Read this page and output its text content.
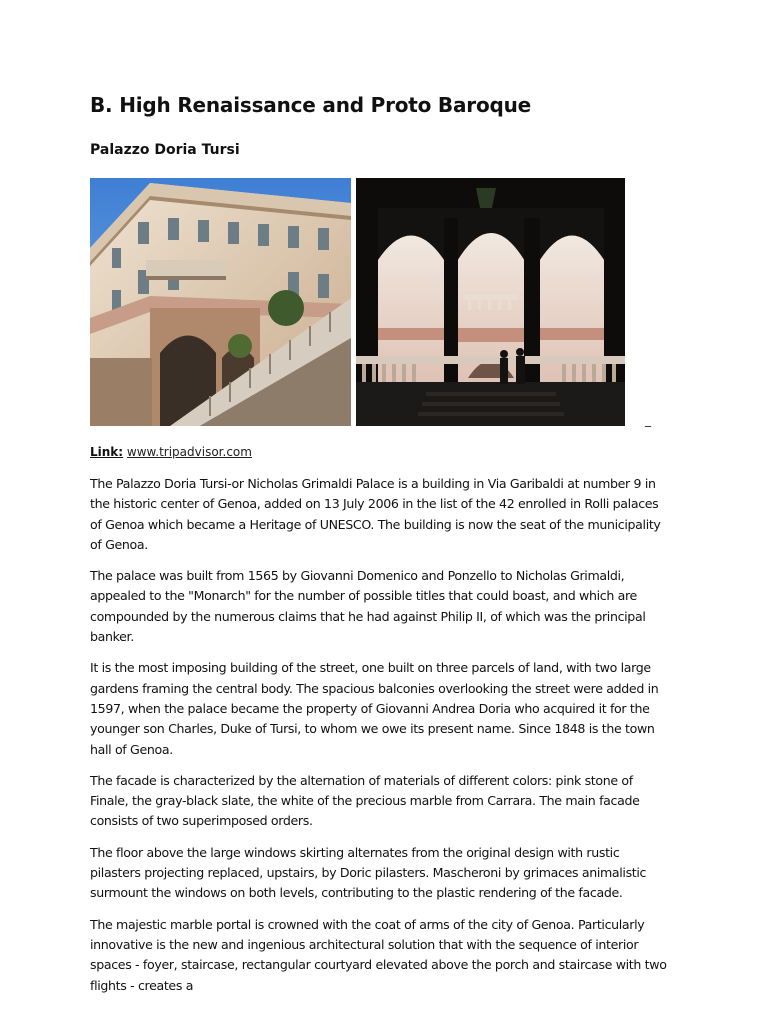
B. High Renaissance and Proto Baroque
Palazzo Doria Tursi
_
Link: www.tripadvisor.com

The Palazzo Doria Tursi-or Nicholas Grimaldi Palace is a building in Via Garibaldi at number 9 in the historic center of Genoa, added on 13 July 2006 in the list of the 42 enrolled in Rolli palaces of Genoa which became a Heritage of UNESCO. The building is now the seat of the municipality of Genoa.

The palace was built from 1565 by Giovanni Domenico and Ponzello to Nicholas Grimaldi, appealed to the "Monarch" for the number of possible titles that could boast, and which are compounded by the numerous claims that he had against Philip II, of which was the principal banker.

It is the most imposing building of the street, one built on three parcels of land, with two large gardens framing the central body. The spacious balconies overlooking the street were added in 1597, when the palace became the property of Giovanni Andrea Doria who acquired it for the younger son Charles, Duke of Tursi, to whom we owe its present name. Since 1848 is the town hall of Genoa.

The facade is characterized by the alternation of materials of different colors: pink stone of Finale, the gray-black slate, the white of the precious marble from Carrara. The main facade consists of two superimposed orders.

The floor above the large windows skirting alternates from the original design with rustic pilasters projecting replaced, upstairs, by Doric pilasters. Mascheroni by grimaces animalistic surmount the windows on both levels, contributing to the plastic rendering of the facade.

The majestic marble portal is crowned with the coat of arms of the city of Genoa. Particularly innovative is the new and ingenious architectural solution that with the sequence of interior spaces - foyer, staircase, rectangular courtyard elevated above the porch and staircase with two flights - creates a
